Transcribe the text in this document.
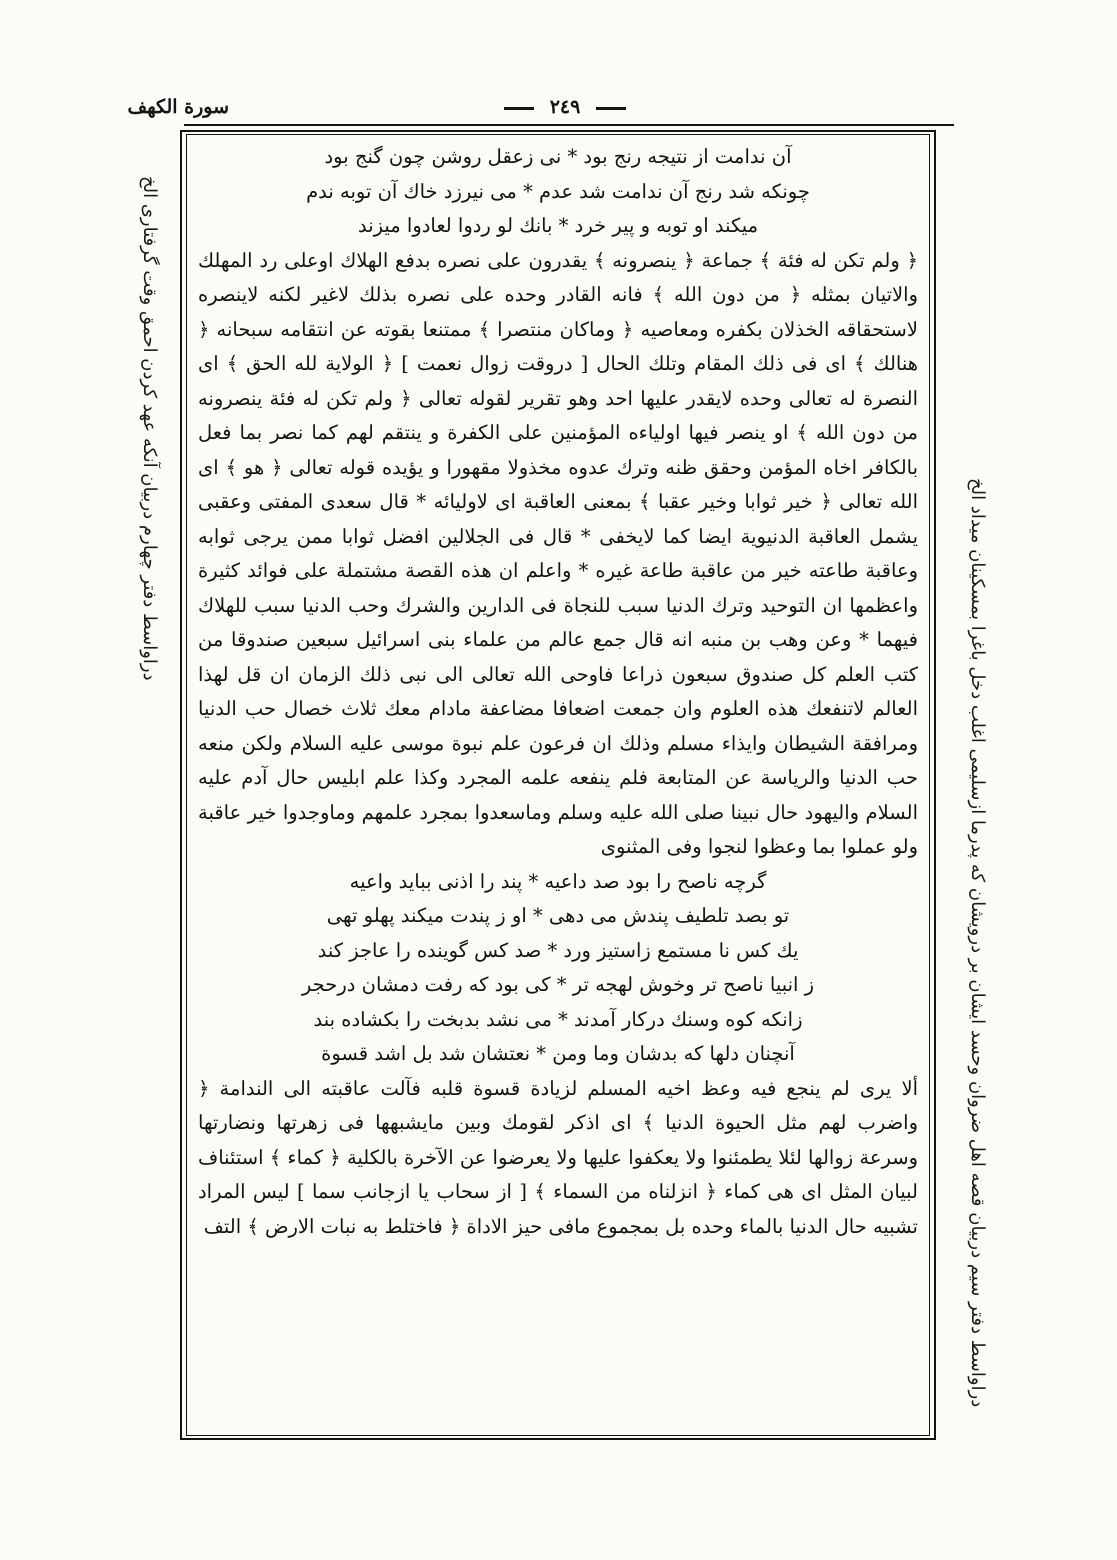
سورة الكهف	٢٤٩
آن ندامت از نتيجه رنج بود * نى زعقل روشن چون گنج بود
چونكه شد رنج آن ندامت شد عدم * مى نيرزد خاك آن توبه ندم
ميكند او توبه و پير خرد * بانك لو ردوا لعادوا ميزند

﴿ ولم تكن له فئة ﴾ جماعة ﴿ ينصرونه ﴾ يقدرون على نصره بدفع الهلاك اوعلى رد المهلك والاتيان بمثله ﴿ من دون الله ﴾ فانه القادر وحده على نصره بذلك لاغير لكنه لاينصره لاستحقاقه الخذلان بكفره ومعاصيه ﴿ وماكان منتصرا ﴾ ممتنعا بقوته عن انتقامه سبحانه ﴿ هنالك ﴾ اى فى ذلك المقام وتلك الحال [ دروقت زوال نعمت ] ﴿ الولاية لله الحق ﴾ اى النصرة له تعالى وحده لايقدر عليها احد وهو تقرير لقوله تعالى ﴿ ولم تكن له فئة ينصرونه من دون الله ﴾ او ينصر فيها اولياءه المؤمنين على الكفرة و ينتقم لهم كما نصر بما فعل بالكافر اخاه المؤمن وحقق ظنه وترك عدوه مخذولا مقهورا و يؤيده قوله تعالى ﴿ هو ﴾ اى الله تعالى ﴿ خير ثوابا وخير عقبا ﴾ بمعنى العاقبة اى لاوليائه * قال سعدى المفتى وعقبى يشمل العاقبة الدنيوية ايضا كما لايخفى * قال فى الجلالين افضل ثوابا ممن يرجى ثوابه وعاقبة طاعته خير من عاقبة طاعة غيره * واعلم ان هذه القصة مشتملة على فوائد كثيرة واعظمها ان التوحيد وترك الدنيا سبب للنجاة فى الدارين والشرك وحب الدنيا سبب للهلاك فيهما * وعن وهب بن منبه انه قال جمع عالم من علماء بنى اسرائيل سبعين صندوقا من كتب العلم كل صندوق سبعون ذراعا فاوحى الله تعالى الى نبى ذلك الزمان ان قل لهذا العالم لاتنفعك هذه العلوم وان جمعت اضعافا مضاعفة مادام معك ثلاث خصال حب الدنيا ومرافقة الشيطان وايذاء مسلم وذلك ان فرعون علم نبوة موسى عليه السلام ولكن منعه حب الدنيا والرياسة عن المتابعة فلم ينفعه علمه المجرد وكذا علم ابليس حال آدم عليه السلام واليهود حال نبينا صلى الله عليه وسلم وماسعدوا بمجرد علمهم وماوجدوا خير عاقبة ولو عملوا بما وعظوا لنجوا وفى المثنوى

گرچه ناصح را بود صد داعيه * پند را اذنى ببايد واعيه
تو بصد تلطيف پندش مى دهى * او ز پندت ميكند پهلو تهى
يك كس نا مستمع زاستيز ورد * صد كس گوينده را عاجز كند
ز انبيا ناصح تر وخوش لهجه تر * كى بود كه رفت دمشان درحجر
زانكه كوه وسنك دركار آمدند * مى نشد بدبخت را بكشاده بند
آنچنان دلها كه بدشان وما ومن * نعتشان شد بل اشد قسوة

ألا يرى لم ينجع فيه وعظ اخيه المسلم لزيادة قسوة قلبه فآلت عاقبته الى الندامة ﴿ واضرب لهم مثل الحيوة الدنيا ﴾ اى اذكر لقومك وبين مايشبهها فى زهرتها ونضارتها وسرعة زوالها لئلا يطمئنوا ولا يعكفوا عليها ولا يعرضوا عن الآخرة بالكلية ﴿ كماء ﴾ استئناف لبيان المثل اى هى كماء ﴿ انزلناه من السماء ﴾ [ از سحاب يا ازجانب سما ] ليس المراد تشبيه حال الدنيا بالماء وحده بل بمجموع مافى حيز الاداة ﴿ فاختلط به نبات الارض ﴾ التف

دراواسط دفتر چهارم دربيان آنكه عهد كردن احمق وقت گرفتارى الخ
دراواسط دفتر سيم دربيان قصه اهل ضروان وحسد ايشان بر درويشان كه پدرما ازسليمى اغلب دخل باغرا بمسكينان ميداد الخ
